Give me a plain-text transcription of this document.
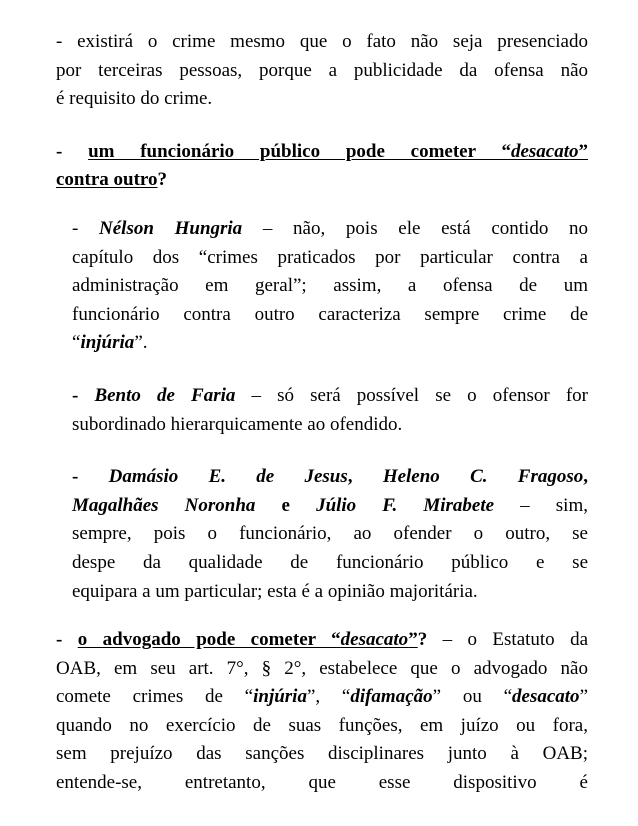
- existirá o crime mesmo que o fato não seja presenciado
por terceiras pessoas, porque a publicidade da ofensa não
é requisito do crime.

- um funcionário público pode cometer “desacato”
contra outro?

- Nélson Hungria – não, pois ele está contido no
capítulo dos “crimes praticados por particular contra a
administração em geral”; assim, a ofensa de um
funcionário contra outro caracteriza sempre crime de
“injúria”.

- Bento de Faria – só será possível se o ofensor for
subordinado hierarquicamente ao ofendido.

- Damásio E. de Jesus, Heleno C. Fragoso,
Magalhães Noronha e Júlio F. Mirabete – sim,
sempre, pois o funcionário, ao ofender o outro, se
despe da qualidade de funcionário público e se
equipara a um particular; esta é a opinião majoritária.

- o advogado pode cometer “desacato”? – o Estatuto da
OAB, em seu art. 7°, § 2°, estabelece que o advogado não
comete crimes de “injúria”, “difamação” ou “desacato”
quando no exercício de suas funções, em juízo ou fora,
sem prejuízo das sanções disciplinares junto à OAB;
entende-se, entretanto, que esse dispositivo é
